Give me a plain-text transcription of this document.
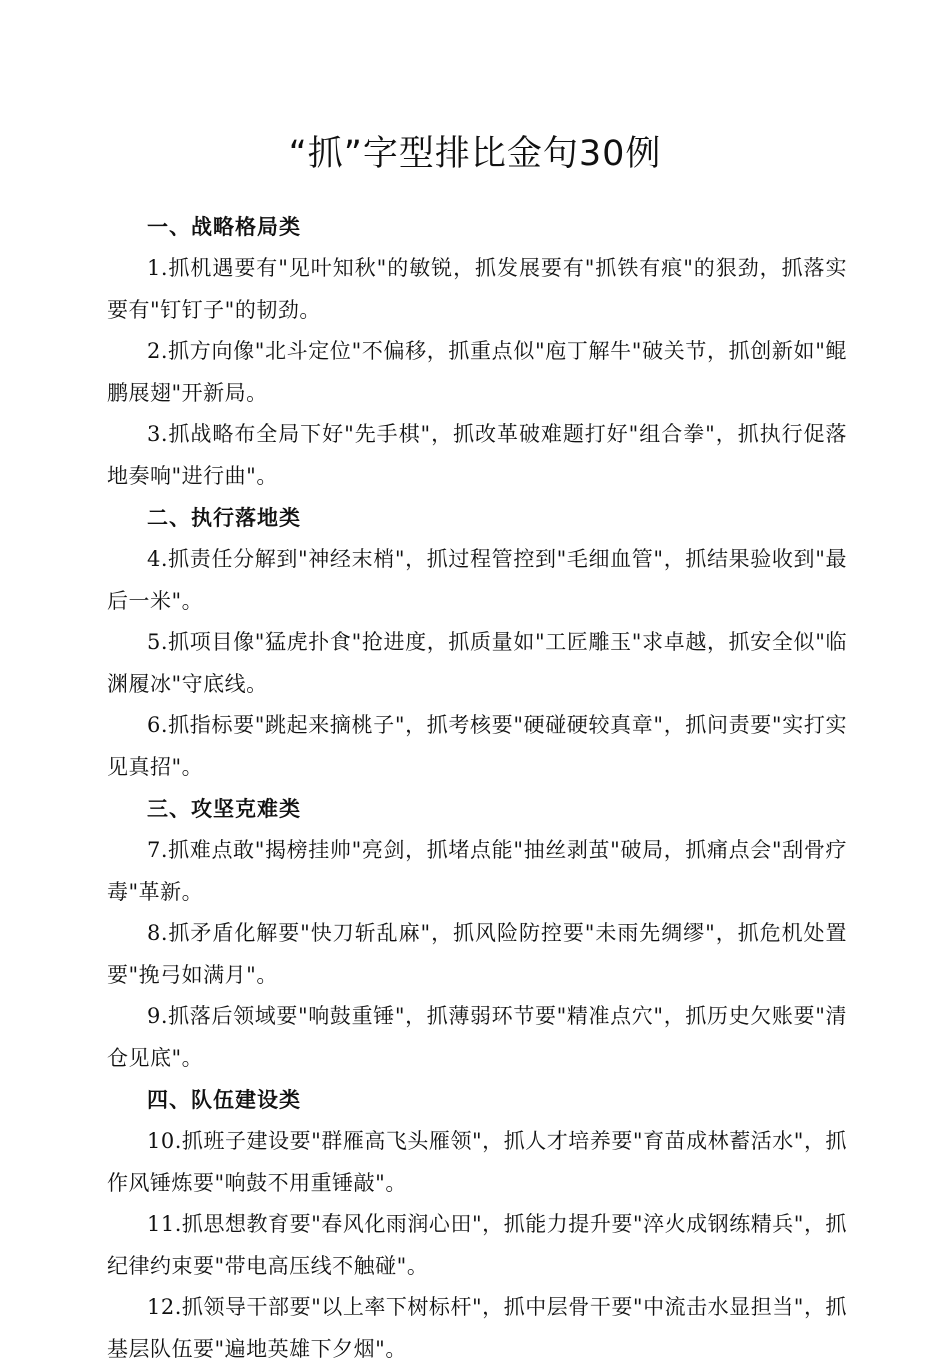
“抓”字型排比金句30例

一、战略格局类

1.抓机遇要有"见叶知秋"的敏锐，抓发展要有"抓铁有痕"的狠劲，抓落实要有"钉钉子"的韧劲。

2.抓方向像"北斗定位"不偏移，抓重点似"庖丁解牛"破关节，抓创新如"鲲鹏展翅"开新局。

3.抓战略布全局下好"先手棋"，抓改革破难题打好"组合拳"，抓执行促落地奏响"进行曲"。

二、执行落地类

4.抓责任分解到"神经末梢"，抓过程管控到"毛细血管"，抓结果验收到"最后一米"。

5.抓项目像"猛虎扑食"抢进度，抓质量如"工匠雕玉"求卓越，抓安全似"临渊履冰"守底线。

6.抓指标要"跳起来摘桃子"，抓考核要"硬碰硬较真章"，抓问责要"实打实见真招"。

三、攻坚克难类

7.抓难点敢"揭榜挂帅"亮剑，抓堵点能"抽丝剥茧"破局，抓痛点会"刮骨疗毒"革新。

8.抓矛盾化解要"快刀斩乱麻"，抓风险防控要"未雨先绸缪"，抓危机处置要"挽弓如满月"。

9.抓落后领域要"响鼓重锤"，抓薄弱环节要"精准点穴"，抓历史欠账要"清仓见底"。

四、队伍建设类

10.抓班子建设要"群雁高飞头雁领"，抓人才培养要"育苗成林蓄活水"，抓作风锤炼要"响鼓不用重锤敲"。

11.抓思想教育要"春风化雨润心田"，抓能力提升要"淬火成钢练精兵"，抓纪律约束要"带电高压线不触碰"。

12.抓领导干部要"以上率下树标杆"，抓中层骨干要"中流击水显担当"，抓基层队伍要"遍地英雄下夕烟"。
